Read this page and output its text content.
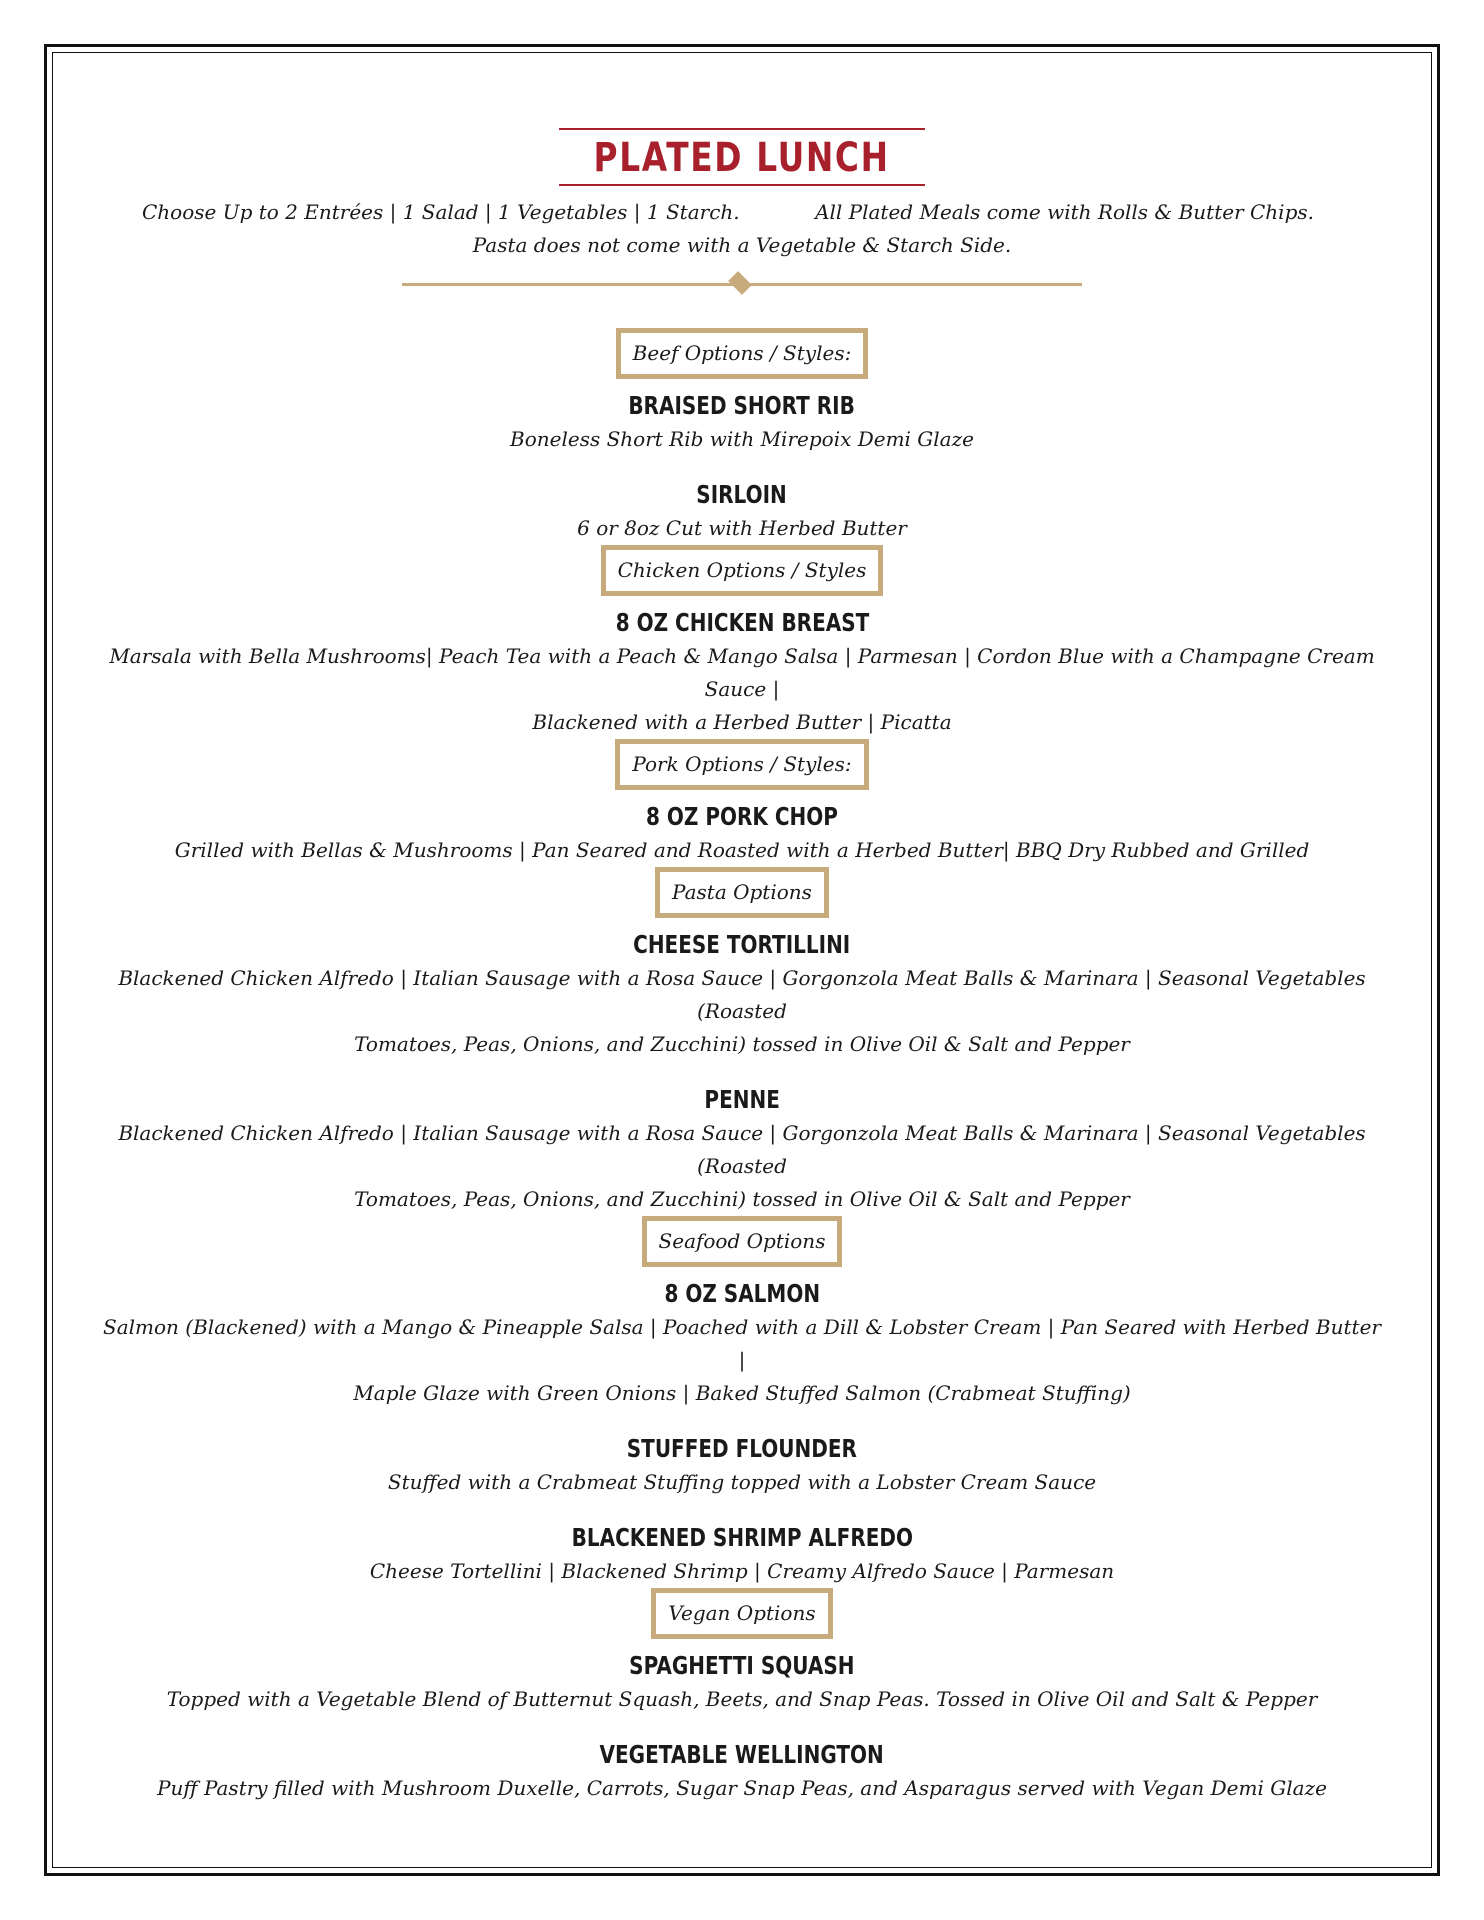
PLATED LUNCH
Choose Up to 2 Entrées | 1 Salad | 1 Vegetables | 1 Starch.	All Plated Meals come with Rolls & Butter Chips.
Pasta does not come with a Vegetable & Starch Side.
Beef Options / Styles:
BRAISED SHORT RIB
Boneless Short Rib with Mirepoix Demi Glaze
SIRLOIN
6 or 8oz Cut with Herbed Butter
Chicken Options / Styles
8 OZ CHICKEN BREAST
Marsala with Bella Mushrooms| Peach Tea with a Peach & Mango Salsa | Parmesan | Cordon Blue with a Champagne Cream Sauce |
Blackened with a Herbed Butter | Picatta
Pork Options / Styles:
8 OZ PORK CHOP
Grilled with Bellas & Mushrooms | Pan Seared and Roasted with a Herbed Butter| BBQ Dry Rubbed and Grilled
Pasta Options
CHEESE TORTILLINI
Blackened Chicken Alfredo | Italian Sausage with a Rosa Sauce | Gorgonzola Meat Balls & Marinara | Seasonal Vegetables (Roasted
Tomatoes, Peas, Onions, and Zucchini) tossed in Olive Oil & Salt and Pepper
PENNE
Blackened Chicken Alfredo | Italian Sausage with a Rosa Sauce | Gorgonzola Meat Balls & Marinara | Seasonal Vegetables (Roasted
Tomatoes, Peas, Onions, and Zucchini) tossed in Olive Oil & Salt and Pepper
Seafood Options
8 OZ SALMON
Salmon (Blackened) with a Mango & Pineapple Salsa | Poached with a Dill & Lobster Cream | Pan Seared with Herbed Butter |
Maple Glaze with Green Onions | Baked Stuffed Salmon (Crabmeat Stuffing)
STUFFED FLOUNDER
Stuffed with a Crabmeat Stuffing topped with a Lobster Cream Sauce
BLACKENED SHRIMP ALFREDO
Cheese Tortellini | Blackened Shrimp | Creamy Alfredo Sauce | Parmesan
Vegan Options
SPAGHETTI SQUASH
Topped with a Vegetable Blend of Butternut Squash, Beets, and Snap Peas. Tossed in Olive Oil and Salt & Pepper
VEGETABLE WELLINGTON
Puff Pastry filled with Mushroom Duxelle, Carrots, Sugar Snap Peas, and Asparagus served with Vegan Demi Glaze
